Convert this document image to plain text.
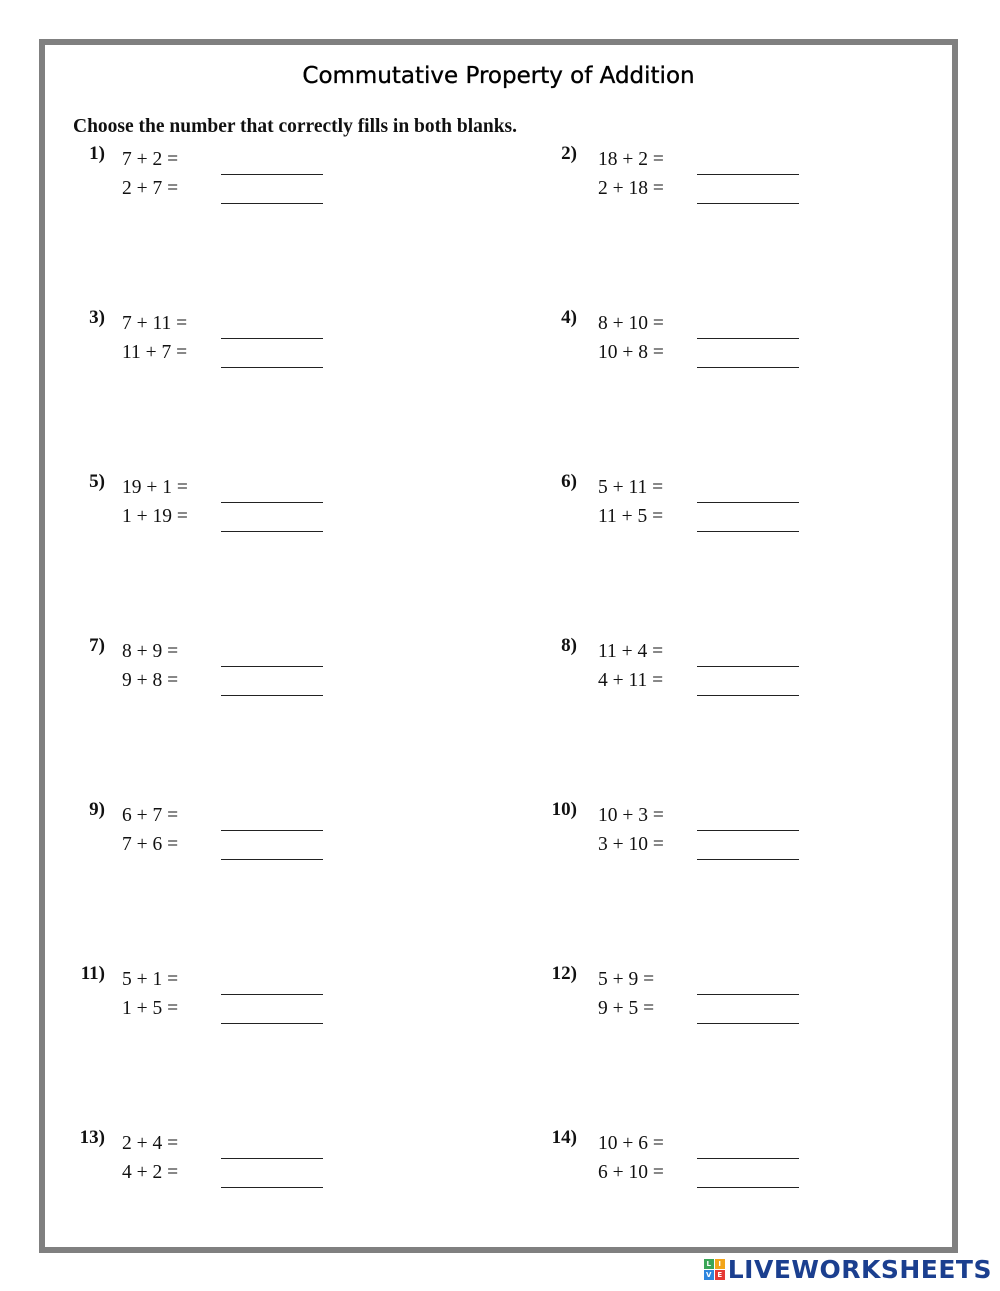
Commutative Property of Addition
Choose the number that correctly fills in both blanks.
1) 7 + 2 =
2 + 7 =
2) 18 + 2 =
2 + 18 =
3) 7 + 11 =
11 + 7 =
4) 8 + 10 =
10 + 8 =
5) 19 + 1 =
1 + 19 =
6) 5 + 11 =
11 + 5 =
7) 8 + 9 =
9 + 8 =
8) 11 + 4 =
4 + 11 =
9) 6 + 7 =
7 + 6 =
10) 10 + 3 =
3 + 10 =
11) 5 + 1 =
1 + 5 =
12) 5 + 9 =
9 + 5 =
13) 2 + 4 =
4 + 2 =
14) 10 + 6 =
6 + 10 =
L	I
V E LIVEWORKSHEETS
